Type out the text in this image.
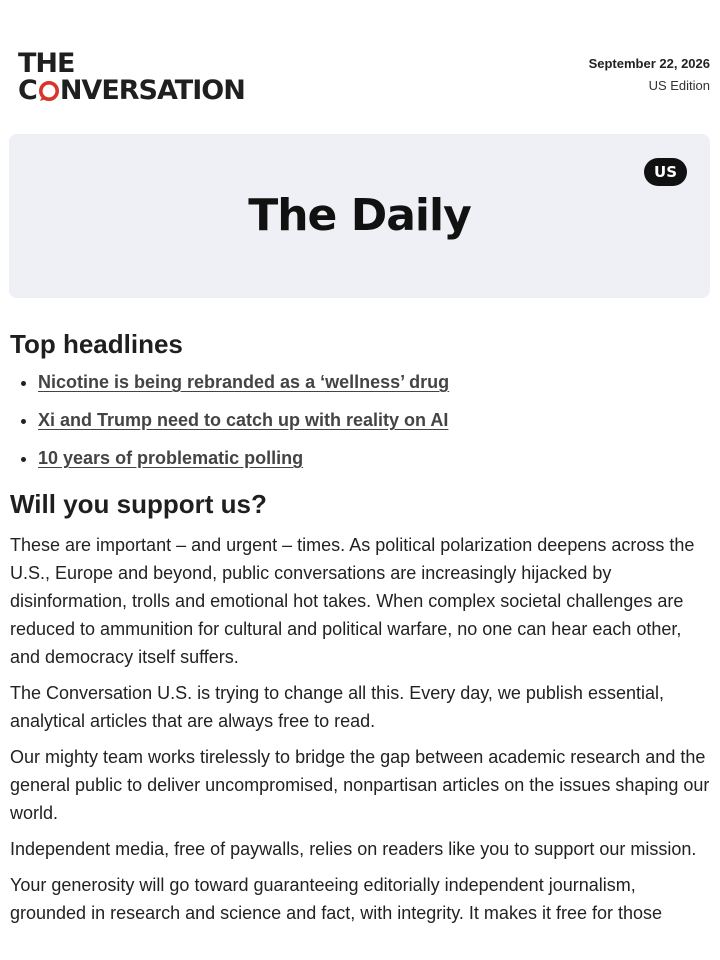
THE
C NVERSATION
September 22, 2026
US Edition
US
The Daily
Top headlines
• Nicotine is being rebranded as a ‘wellness’ drug
• Xi and Trump need to catch up with reality on AI
• 10 years of problematic polling
Will you support us?

These are important – and urgent – times. As political polarization deepens across the U.S., Europe and beyond, public conversations are increasingly hijacked by disinformation, trolls and emotional hot takes. When complex societal challenges are reduced to ammunition for cultural and political warfare, no one can hear each other, and democracy itself suffers.

The Conversation U.S. is trying to change all this. Every day, we publish essential, analytical articles that are always free to read.

Our mighty team works tirelessly to bridge the gap between academic research and the general public to deliver uncompromised, nonpartisan articles on the issues shaping our world.

Independent media, free of paywalls, relies on readers like you to support our mission.

Your generosity will go toward guaranteeing editorially independent journalism, grounded in research and science and fact, with integrity. It makes it free for those
